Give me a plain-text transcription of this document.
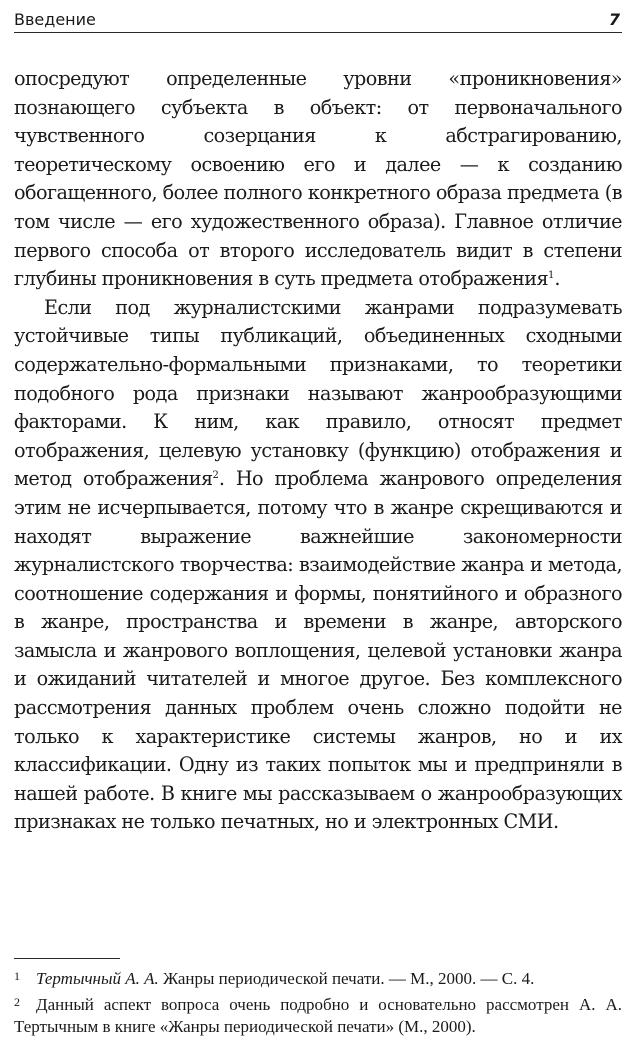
Введение	7

опосредуют определенные уровни «проникновения» познающего субъекта в объект: от первоначального чувственного созерцания к абстрагированию, теоретическому освоению его и далее — к созданию обогащенного, более полного конкретного образа предмета (в том числе — его художественного образа). Главное отличие первого способа от второго исследователь видит в степени глубины проникновения в суть предмета отображения$^1$.

Если под журналистскими жанрами подразумевать устойчивые типы публикаций, объединенных сходными содержательно-формальными признаками, то теоретики подобного рода признаки называют жанрообразующими факторами. К ним, как правило, относят предмет отображения, целевую установку (функцию) отображения и метод отображения$^2$. Но проблема жанрового определения этим не исчерпывается, потому что в жанре скрещиваются и находят выражение важнейшие закономерности журналистского творчества: взаимодействие жанра и метода, соотношение содержания и формы, понятийного и образного в жанре, пространства и времени в жанре, авторского замысла и жанрового воплощения, целевой установки жанра и ожиданий читателей и многое другое. Без комплексного рассмотрения данных проблем очень сложно подойти не только к характеристике системы жанров, но и их классификации. Одну из таких попыток мы и предприняли в нашей работе. В книге мы рассказываем о жанрообразующих признаках не только печатных, но и электронных СМИ.

1 Тертычный А. А. Жанры периодической печати. — М., 2000. — С. 4.

2 Данный аспект вопроса очень подробно и основательно рассмотрен А. А. Тертычным в книге «Жанры периодической печати» (М., 2000).
